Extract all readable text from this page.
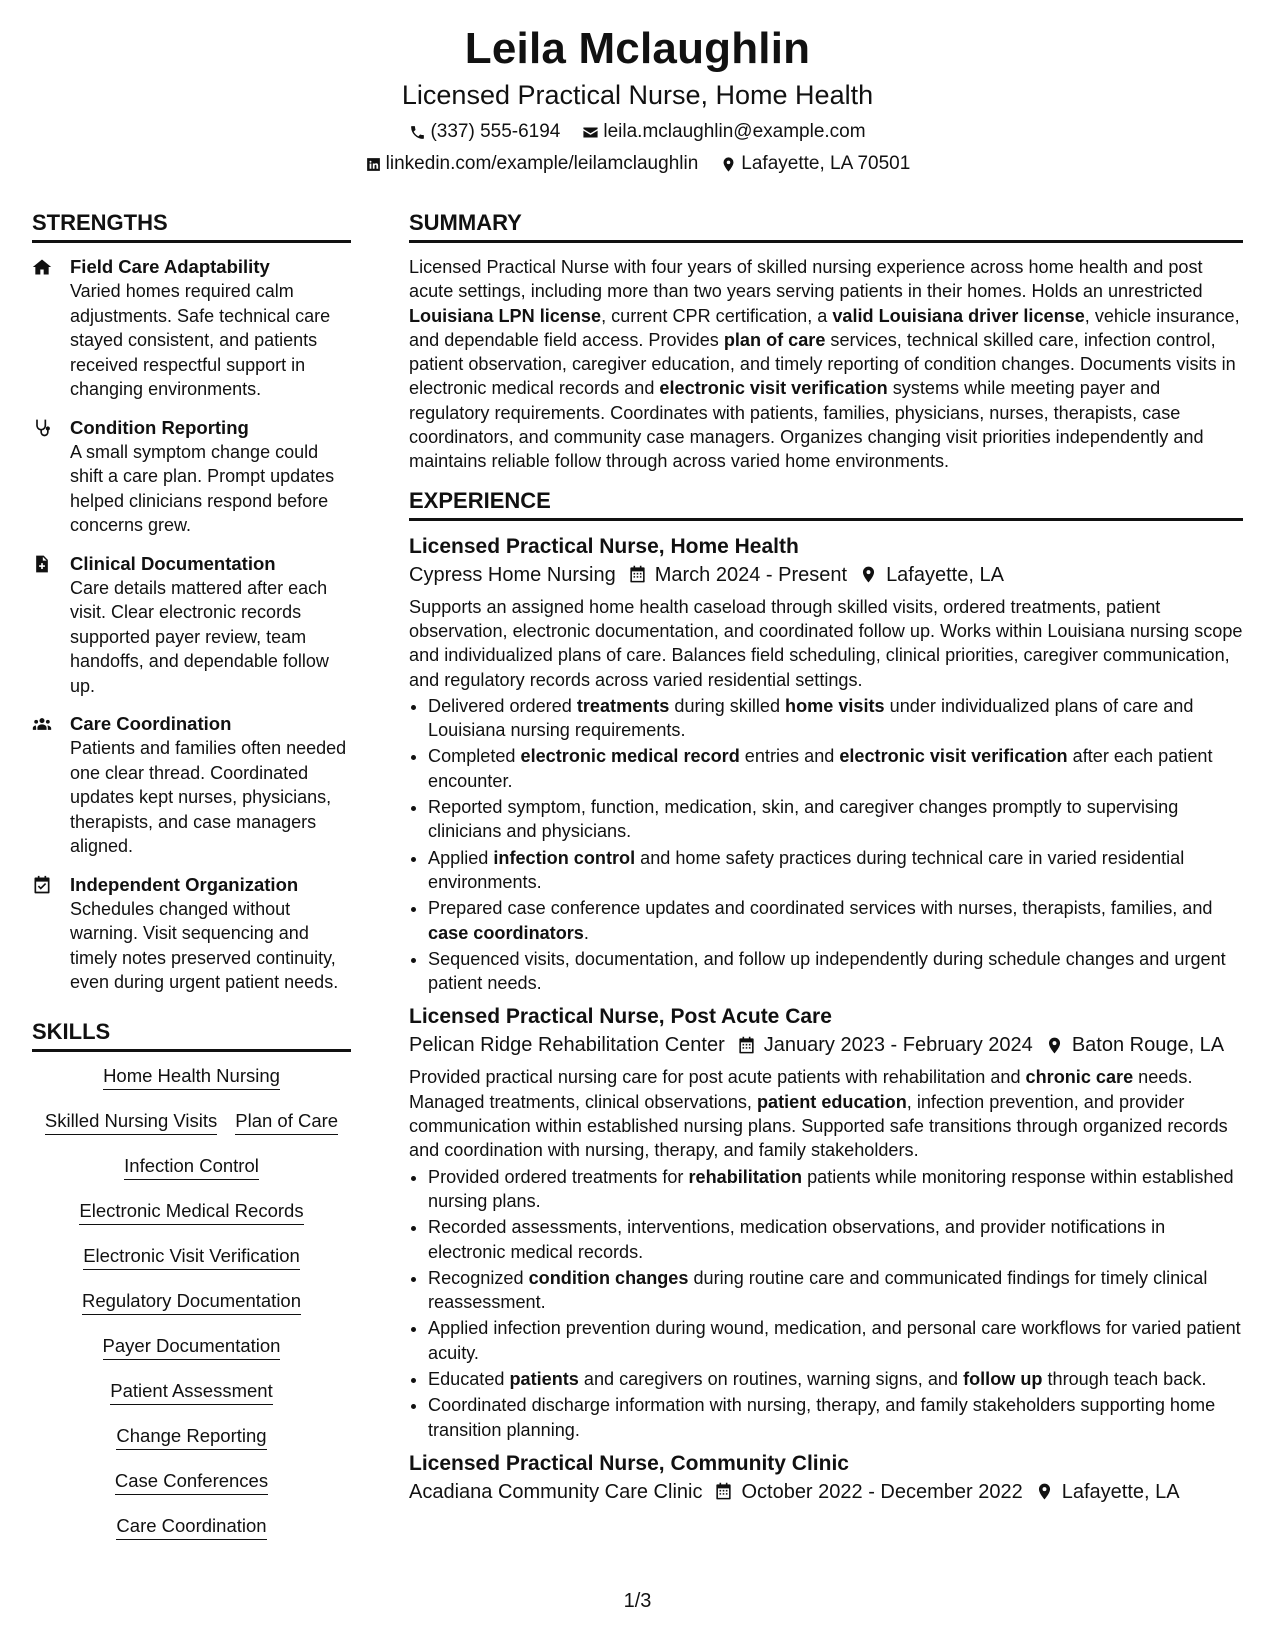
Leila Mclaughlin
Licensed Practical Nurse, Home Health
(337) 555-6194 leila.mclaughlin@example.com
linkedin.com/example/leilamclaughlin Lafayette, LA 70501
STRENGTHS
Field Care Adaptability
Varied homes required calm adjustments. Safe technical care stayed consistent, and patients received respectful support in changing environments.
Condition Reporting
A small symptom change could shift a care plan. Prompt updates helped clinicians respond before concerns grew.
Clinical Documentation
Care details mattered after each visit. Clear electronic records supported payer review, team handoffs, and dependable follow up.
Care Coordination
Patients and families often needed one clear thread. Coordinated updates kept nurses, physicians, therapists, and case managers aligned.
Independent Organization
Schedules changed without warning. Visit sequencing and timely notes preserved continuity, even during urgent patient needs.
SKILLS
Home Health Nursing
Skilled Nursing Visits Plan of Care
Infection Control
Electronic Medical Records
Electronic Visit Verification
Regulatory Documentation
Payer Documentation
Patient Assessment
Change Reporting
Case Conferences
Care Coordination
SUMMARY

Licensed Practical Nurse with four years of skilled nursing experience across home health and post acute settings, including more than two years serving patients in their homes. Holds an unrestricted Louisiana LPN license, current CPR certification, a valid Louisiana driver license, vehicle insurance, and dependable field access. Provides plan of care services, technical skilled care, infection control, patient observation, caregiver education, and timely reporting of condition changes. Documents visits in electronic medical records and electronic visit verification systems while meeting payer and regulatory requirements. Coordinates with patients, families, physicians, nurses, therapists, case coordinators, and community case managers. Organizes changing visit priorities independently and maintains reliable follow through across varied home environments.

EXPERIENCE
Licensed Practical Nurse, Home Health
Cypress Home Nursing March 2024 - Present Lafayette, LA

Supports an assigned home health caseload through skilled visits, ordered treatments, patient observation, electronic documentation, and coordinated follow up. Works within Louisiana nursing scope and individualized plans of care. Balances field scheduling, clinical priorities, caregiver communication, and regulatory records across varied residential settings.

• Delivered ordered treatments during skilled home visits under individualized plans of care and Louisiana nursing requirements.
• Completed electronic medical record entries and electronic visit verification after each patient encounter.
• Reported symptom, function, medication, skin, and caregiver changes promptly to supervising clinicians and physicians.
• Applied infection control and home safety practices during technical care in varied residential environments.
• Prepared case conference updates and coordinated services with nurses, therapists, families, and case coordinators.
• Sequenced visits, documentation, and follow up independently during schedule changes and urgent patient needs.
Licensed Practical Nurse, Post Acute Care
Pelican Ridge Rehabilitation Center January 2023 - February 2024 Baton Rouge, LA

Provided practical nursing care for post acute patients with rehabilitation and chronic care needs. Managed treatments, clinical observations, patient education, infection prevention, and provider communication within established nursing plans. Supported safe transitions through organized records and coordination with nursing, therapy, and family stakeholders.

• Provided ordered treatments for rehabilitation patients while monitoring response within established nursing plans.
• Recorded assessments, interventions, medication observations, and provider notifications in electronic medical records.
• Recognized condition changes during routine care and communicated findings for timely clinical reassessment.
• Applied infection prevention during wound, medication, and personal care workflows for varied patient acuity.
• Educated patients and caregivers on routines, warning signs, and follow up through teach back.
• Coordinated discharge information with nursing, therapy, and family stakeholders supporting home transition planning.
Licensed Practical Nurse, Community Clinic
Acadiana Community Care Clinic October 2022 - December 2022 Lafayette, LA
1/3
